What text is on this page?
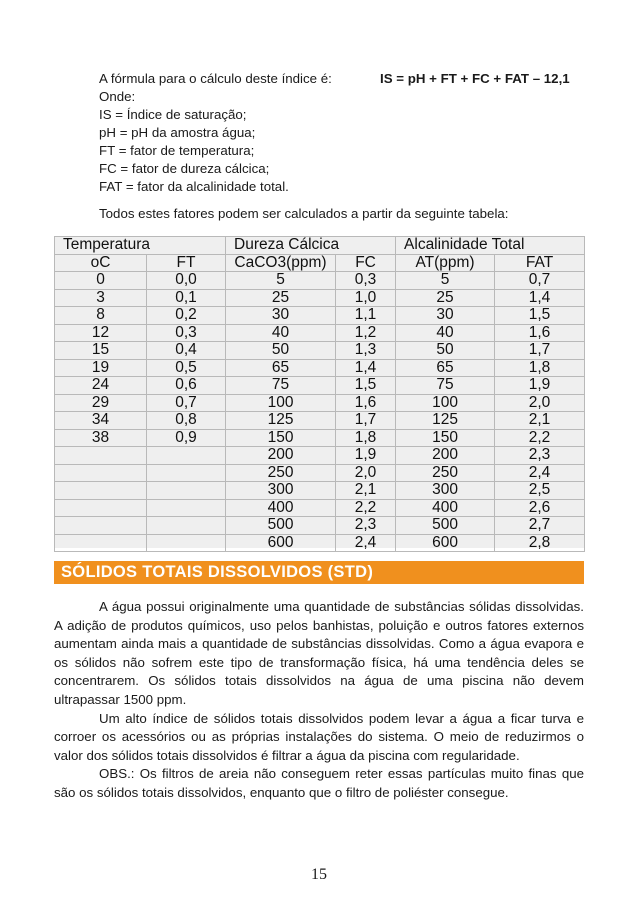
A fórmula para o cálculo deste índice é:	IS = pH + FT + FC + FAT – 12,1
Onde:
IS = Índice de saturação;
pH = pH da amostra água;
FT = fator de temperatura;
FC = fator de dureza cálcica;
FAT = fator da alcalinidade total.
Todos estes fatores podem ser calculados a partir da seguinte tabela:
Temperatura		Dureza Cálcica		Alcalinidade Total	
oC	FT	CaCO3(ppm)	FC	AT(ppm)	FAT
0	0,0	5	0,3	5	0,7
3	0,1	25	1,0	25	1,4
8	0,2	30	1,1	30	1,5
12	0,3	40	1,2	40	1,6
15	0,4	50	1,3	50	1,7
19	0,5	65	1,4	65	1,8
24	0,6	75	1,5	75	1,9
29	0,7	100	1,6	100	2,0
34	0,8	125	1,7	125	2,1
38	0,9	150	1,8	150	2,2
		200	1,9	200	2,3
		250	2,0	250	2,4
		300	2,1	300	2,5
		400	2,2	400	2,6
		500	2,3	500	2,7
		600	2,4	600	2,8
SÓLIDOS TOTAIS DISSOLVIDOS (STD)

A água possui originalmente uma quantidade de substâncias sólidas dissolvidas. A adição de produtos químicos, uso pelos banhistas, poluição e outros fatores externos aumentam ainda mais a quantidade de substâncias dissolvidas. Como a água evapora e os sólidos não sofrem este tipo de transformação física, há uma tendência deles se concentrarem. Os sólidos totais dissolvidos na água de uma piscina não devem ultrapassar 1500 ppm.

Um alto índice de sólidos totais dissolvidos podem levar a água a ficar turva e corroer os acessórios ou as próprias instalações do sistema. O meio de reduzirmos o valor dos sólidos totais dissolvidos é filtrar a água da piscina com regularidade.

OBS.: Os filtros de areia não conseguem reter essas partículas muito finas que são os sólidos totais dissolvidos, enquanto que o filtro de poliéster consegue.

15
